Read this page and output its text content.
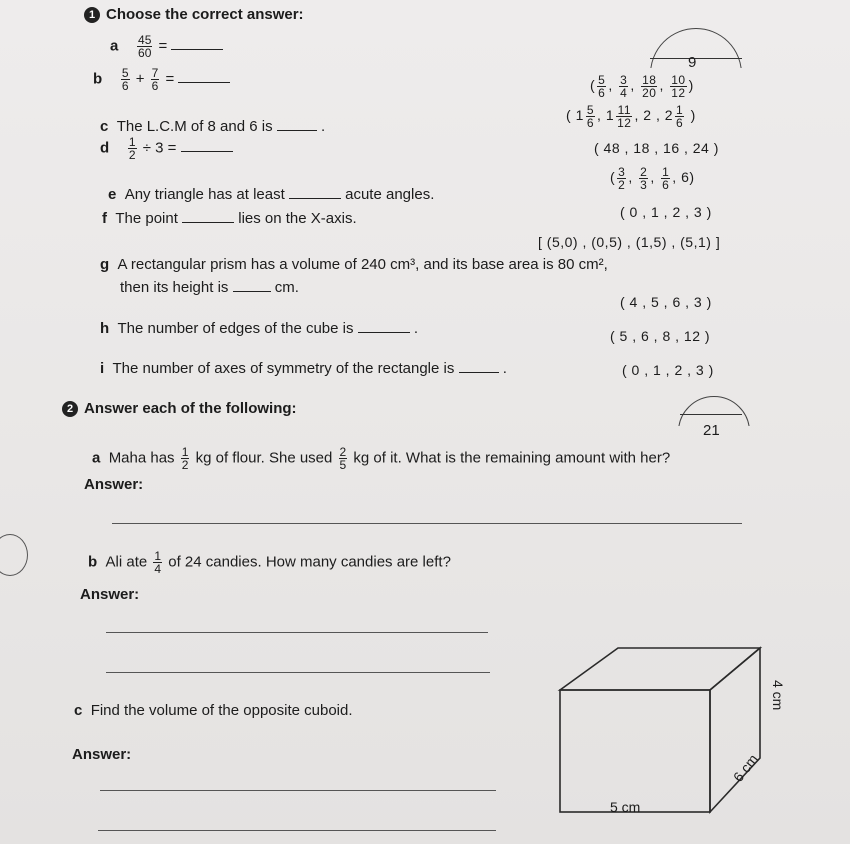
1 Choose the correct answer:
9
a $\frac{45}{60}$ =
b $\frac{5}{6} + \frac{7}{6}$ =
c The L.C.M of 8 and 6 is	.
d $\frac{1}{2} \div 3$ =
e Any triangle has at least	acute angles.
f The point	lies on the X-axis.
g A rectangular prism has a volume of 240 cm³, and its base area is 80 cm²,
then its height is	cm.
h The number of edges of the cube is	.
i The number of axes of symmetry of the rectangle is	.
( $\frac{5}{6}$ , $\frac{3}{4}$ , $\frac{18}{20}$ , $\frac{10}{12}$ )
( $1 \frac{5}{6}$ , $1 \frac{11}{12}$ , 2 , $2 \frac{1}{6}$ )
( 48 , 18 , 16 , 24 )
( $\frac{3}{2}$ , $\frac{2}{3}$ , $\frac{1}{6}$ , 6)
( 0 , 1 , 2 , 3 )
[ (5,0) , (0,5) , (1,5) , (5,1) ]
( 4 , 5 , 6 , 3 )
( 5 , 6 , 8 , 12 )
( 0 , 1 , 2 , 3 )
2 Answer each of the following:
21
a Maha has $\frac{1}{2}$ kg of flour. She used $\frac{2}{5}$ kg of it. What is the remaining amount with her?
Answer:
b Ali ate $\frac{1}{4}$ of 24 candies. How many candies are left?
Answer:
c Find the volume of the opposite cuboid.
Answer:
4 cm
6 cm
5 cm
